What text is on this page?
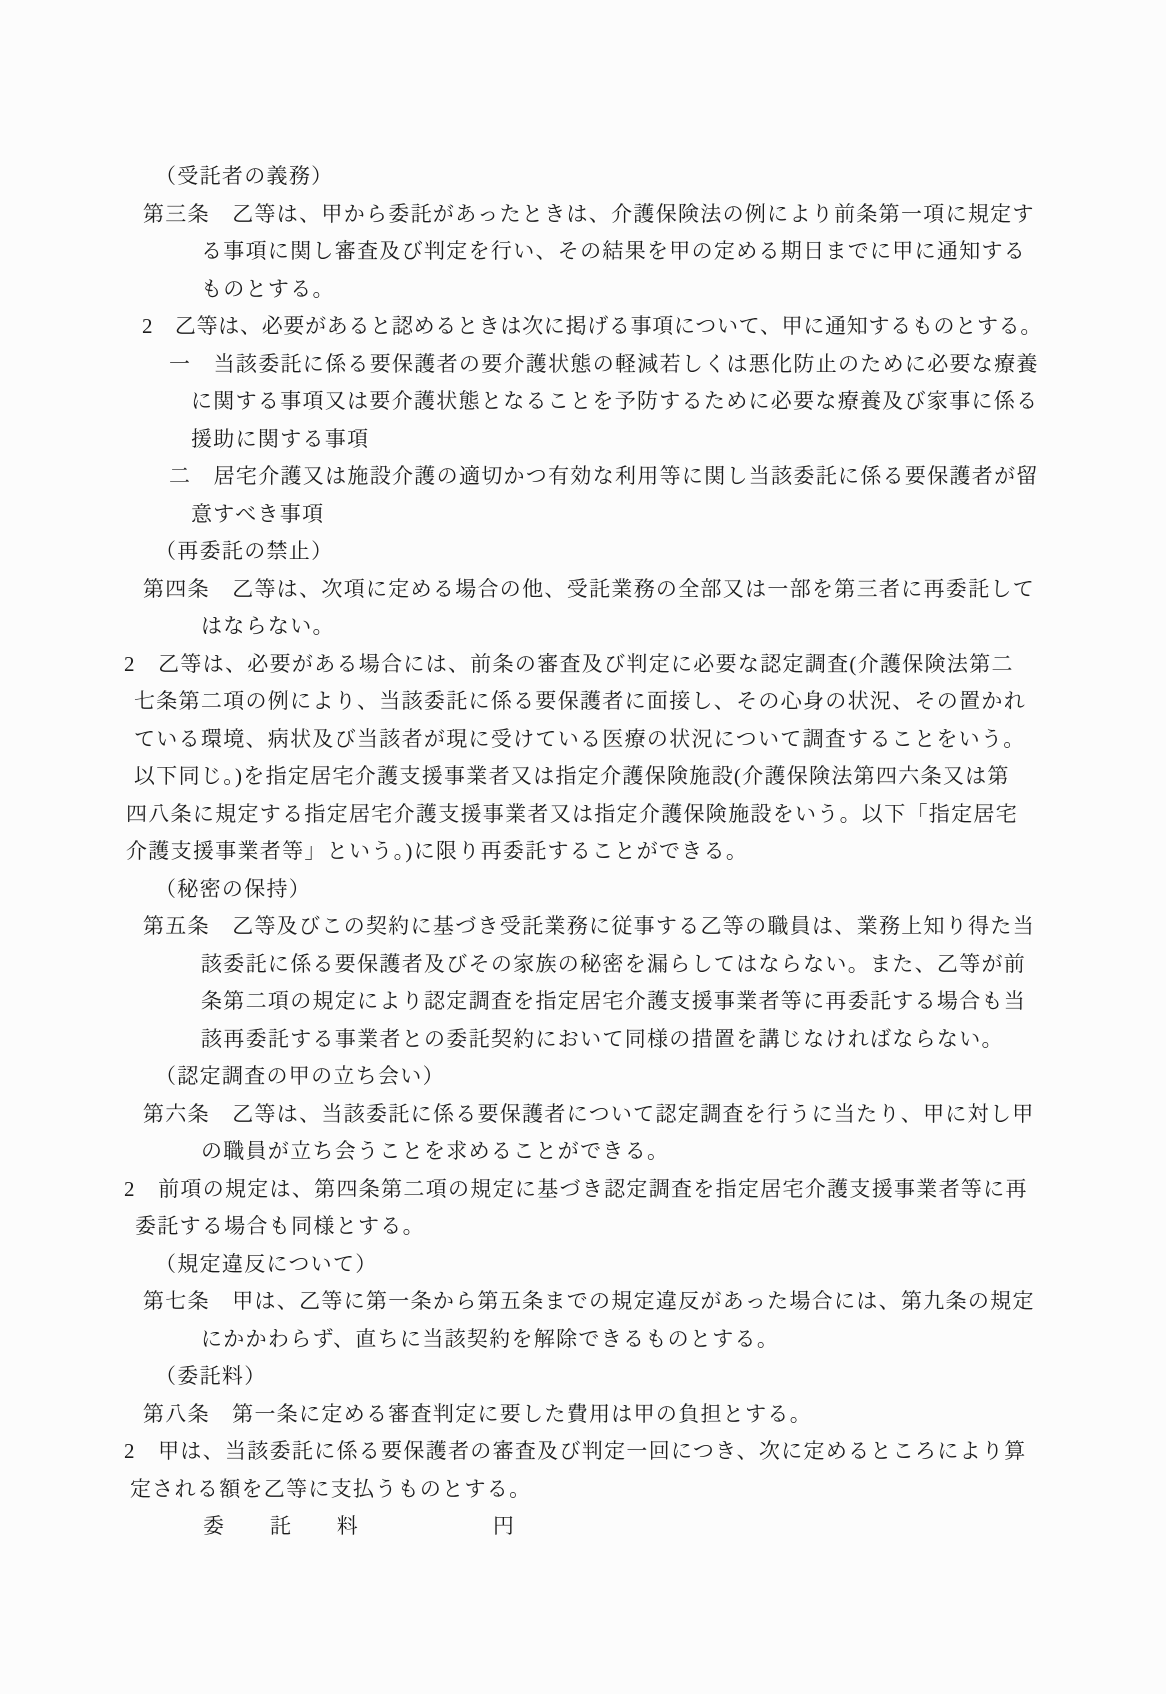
（受託者の義務）
第三条　乙等は、甲から委託があったときは、介護保険法の例により前条第一項に規定す
る事項に関し審査及び判定を行い、その結果を甲の定める期日までに甲に通知する
ものとする。
2　乙等は、必要があると認めるときは次に掲げる事項について、甲に通知するものとする。
一　当該委託に係る要保護者の要介護状態の軽減若しくは悪化防止のために必要な療養
に関する事項又は要介護状態となることを予防するために必要な療養及び家事に係る
援助に関する事項
二　居宅介護又は施設介護の適切かつ有効な利用等に関し当該委託に係る要保護者が留
意すべき事項
（再委託の禁止）
第四条　乙等は、次項に定める場合の他、受託業務の全部又は一部を第三者に再委託して
はならない。
2　乙等は、必要がある場合には、前条の審査及び判定に必要な認定調査(介護保険法第二
七条第二項の例により、当該委託に係る要保護者に面接し、その心身の状況、その置かれ
ている環境、病状及び当該者が現に受けている医療の状況について調査することをいう。
以下同じ。)を指定居宅介護支援事業者又は指定介護保険施設(介護保険法第四六条又は第
四八条に規定する指定居宅介護支援事業者又は指定介護保険施設をいう。以下「指定居宅
介護支援事業者等」という。)に限り再委託することができる。
（秘密の保持）
第五条　乙等及びこの契約に基づき受託業務に従事する乙等の職員は、業務上知り得た当
該委託に係る要保護者及びその家族の秘密を漏らしてはならない。また、乙等が前
条第二項の規定により認定調査を指定居宅介護支援事業者等に再委託する場合も当
該再委託する事業者との委託契約において同様の措置を講じなければならない。
（認定調査の甲の立ち会い）
第六条　乙等は、当該委託に係る要保護者について認定調査を行うに当たり、甲に対し甲
の職員が立ち会うことを求めることができる。
2　前項の規定は、第四条第二項の規定に基づき認定調査を指定居宅介護支援事業者等に再
委託する場合も同様とする。
（規定違反について）
第七条　甲は、乙等に第一条から第五条までの規定違反があった場合には、第九条の規定
にかかわらず、直ちに当該契約を解除できるものとする。
（委託料）
第八条　第一条に定める審査判定に要した費用は甲の負担とする。
2　甲は、当該委託に係る要保護者の審査及び判定一回につき、次に定めるところにより算
定される額を乙等に支払うものとする。
委　　託　　料　　　　　　円
